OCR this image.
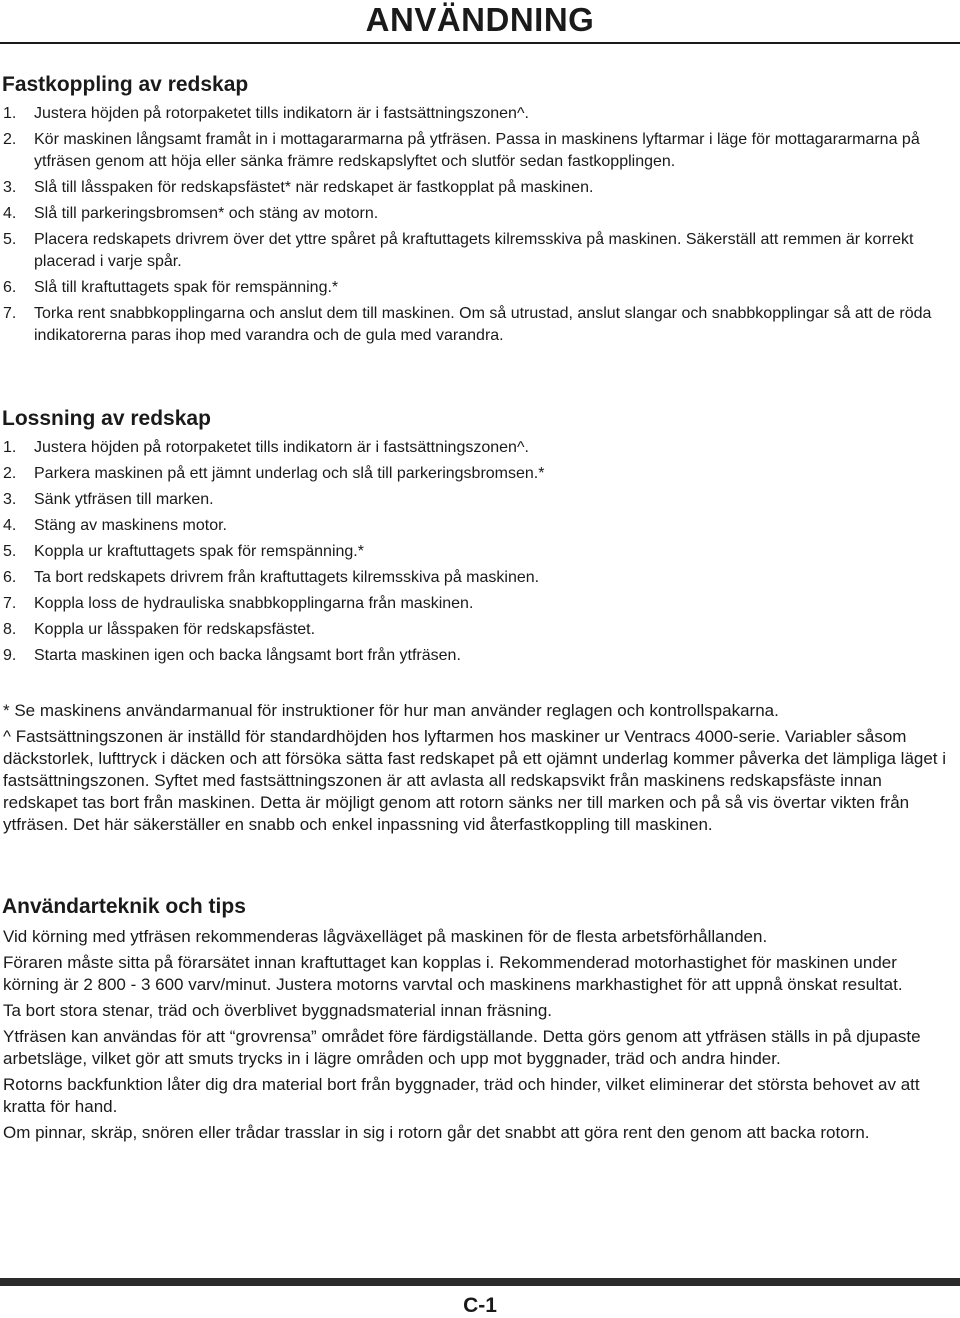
ANVÄNDNING
Fastkoppling av redskap
1.	Justera höjden på rotorpaketet tills indikatorn är i fastsättningszonen^.
2.	Kör maskinen långsamt framåt in i mottagararmarna på ytfräsen. Passa in maskinens lyftarmar i läge för mottagararmarna på ytfräsen genom att höja eller sänka främre redskapslyftet och slutför sedan fastkopplingen.
3.	Slå till låsspaken för redskapsfästet* när redskapet är fastkopplat på maskinen.
4.	Slå till parkeringsbromsen* och stäng av motorn.
5.	Placera redskapets drivrem över det yttre spåret på kraftuttagets kilremsskiva på maskinen. Säkerställ att remmen är korrekt placerad i varje spår.
6.	Slå till kraftuttagets spak för remspänning.*
7.	Torka rent snabbkopplingarna och anslut dem till maskinen. Om så utrustad, anslut slangar och snabbkopplingar så att de röda indikatorerna paras ihop med varandra och de gula med varandra.
Lossning av redskap
1.	Justera höjden på rotorpaketet tills indikatorn är i fastsättningszonen^.
2.	Parkera maskinen på ett jämnt underlag och slå till parkeringsbromsen.*
3.	Sänk ytfräsen till marken.
4.	Stäng av maskinens motor.
5.	Koppla ur kraftuttagets spak för remspänning.*
6.	Ta bort redskapets drivrem från kraftuttagets kilremsskiva på maskinen.
7.	Koppla loss de hydrauliska snabbkopplingarna från maskinen.
8.	Koppla ur låsspaken för redskapsfästet.
9.	Starta maskinen igen och backa långsamt bort från ytfräsen.

* Se maskinens användarmanual för instruktioner för hur man använder reglagen och kontrollspakarna.

^ Fastsättningszonen är inställd för standardhöjden hos lyftarmen hos maskiner ur Ventracs 4000-serie. Variabler såsom däckstorlek, lufttryck i däcken och att försöka sätta fast redskapet på ett ojämnt underlag kommer påverka det lämpliga läget i fastsättningszonen. Syftet med fastsättningszonen är att avlasta all redskapsvikt från maskinens redskapsfäste innan redskapet tas bort från maskinen. Detta är möjligt genom att rotorn sänks ner till marken och på så vis övertar vikten från ytfräsen. Det här säkerställer en snabb och enkel inpassning vid återfastkoppling till maskinen.

Användarteknik och tips

Vid körning med ytfräsen rekommenderas lågväxelläget på maskinen för de flesta arbetsförhållanden.

Föraren måste sitta på förarsätet innan kraftuttaget kan kopplas i. Rekommenderad motorhastighet för maskinen under körning är 2 800 - 3 600 varv/minut. Justera motorns varvtal och maskinens markhastighet för att uppnå önskat resultat.

Ta bort stora stenar, träd och överblivet byggnadsmaterial innan fräsning.

Ytfräsen kan användas för att “grovrensa” området före färdigställande. Detta görs genom att ytfräsen ställs in på djupaste arbetsläge, vilket gör att smuts trycks in i lägre områden och upp mot byggnader, träd och andra hinder.

Rotorns backfunktion låter dig dra material bort från byggnader, träd och hinder, vilket eliminerar det största behovet av att kratta för hand.

Om pinnar, skräp, snören eller trådar trasslar in sig i rotorn går det snabbt att göra rent den genom att backa rotorn.

C-1
